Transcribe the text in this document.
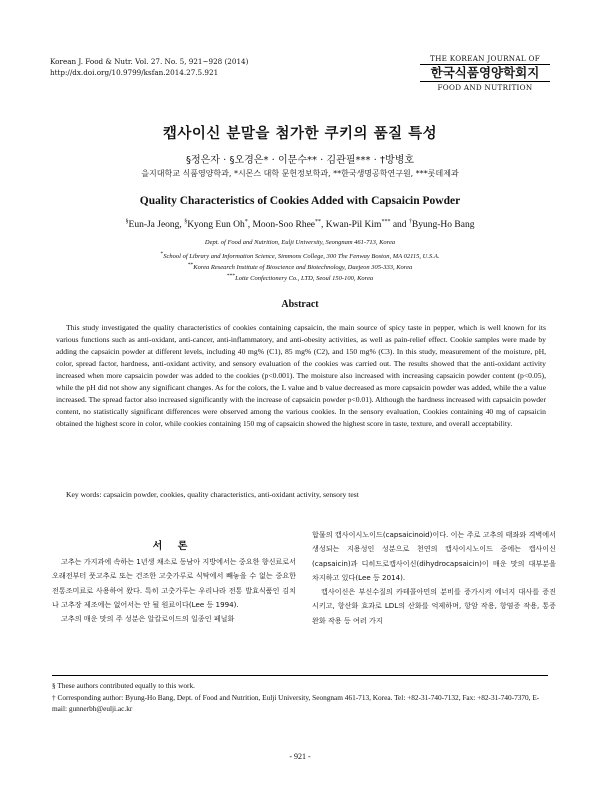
Korean J. Food & Nutr. Vol. 27. No. 5, 921~928 (2014)
http://dx.doi.org/10.9799/ksfan.2014.27.5.921
THE KOREAN JOURNAL OF
한국식품영양학회지
FOOD AND NUTRITION
캡사이신 분말을 첨가한 쿠키의 품질 특성
§정은자 · §오경은* · 이문수** · 김관필*** · †방병호
을지대학교 식품영양학과, *시몬스 대학 문헌정보학과, **한국생명공학연구원, ***롯데제과
Quality Characteristics of Cookies Added with Capsaicin Powder
§Eun-Ja Jeong, §Kyong Eun Oh*, Moon-Soo Rhee**, Kwan-Pil Kim*** and †Byung-Ho Bang
Dept. of Food and Nutrition, Eulji University, Seongnam 461-713, Korea
*School of Library and Information Science, Simmons College, 300 The Fenway Boston, MA 02115, U.S.A.
**Korea Research Institute of Bioscience and Biotechnology, Daejeon 305-333, Korea
***Lotte Confectionery Co., LTD, Seoul 150-100, Korea
Abstract

This study investigated the quality characteristics of cookies containing capsaicin, the main source of spicy taste in pepper, which is well known for its various functions such as anti-oxidant, anti-cancer, anti-inflammatory, and anti-obesity activities, as well as pain-relief effect. Cookie samples were made by adding the capsaicin powder at different levels, including 40 mg% (C1), 85 mg% (C2), and 150 mg% (C3). In this study, measurement of the moisture, pH, color, spread factor, hardness, anti-oxidant activity, and sensory evaluation of the cookies was carried out. The results showed that the anti-oxidant activity increased when more capsaicin powder was added to the cookies (p<0.001). The moisture also increased with increasing capsaicin powder content (p<0.05), while the pH did not show any significant changes. As for the colors, the L value and b value decreased as more capsaicin powder was added, while the a value increased. The spread factor also increased significantly with the increase of capsaicin powder p<0.01). Although the hardness increased with capsaicin powder content, no statistically significant differences were observed among the various cookies. In the sensory evaluation, Cookies containing 40 mg of capsaicin obtained the highest score in color, while cookies containing 150 mg of capsaicin showed the highest score in taste, texture, and overall acceptability.

Key words: capsaicin powder, cookies, quality characteristics, anti-oxidant activity, sensory test
서 론

고추는 가지과에 속하는 1년생 채소로 동남아 지방에서는 중요한 향신료로서 오래전부터 풋고추로 또는 건조한 고춧가루로 식탁에서 빼놓을 수 없는 중요한 전통조미료로 사용하여 왔다. 특히 고춧가루는 우리나라 전통 발효식품인 김치나 고추장 제조에는 없어서는 안 될 원료이다(Lee 등 1994).

고추의 매운 맛의 주 성분은 알칼로이드의 일종인 페닐화

합물의 캡사이시노이드(capsaicinoid)이다. 이는 주로 고추의 태좌와 격벽에서 생성되는 지용성인 성분으로 천연의 캡사이시노이드 중에는 캡사이신(capsaicin)과 디히드로캡사이신(dihydrocapsaicin)이 매운 맛의 대부분을 차지하고 있다(Lee 등 2014).

캡사이신은 부신수질의 카테콜아민의 분비를 증가시켜 에너지 대사를 증진시키고, 항산화 효과로 LDL의 산화를 억제하며, 항암 작용, 항염증 작용, 통증 완화 작용 등 여러 가지

§ These authors contributed equally to this work.

† Corresponding author: Byung-Ho Bang, Dept. of Food and Nutrition, Eulji University, Seongnam 461-713, Korea. Tel: +82-31-740-7132, Fax: +82-31-740-7370, E-mail: gunnerbh@eulji.ac.kr

- 921 -
